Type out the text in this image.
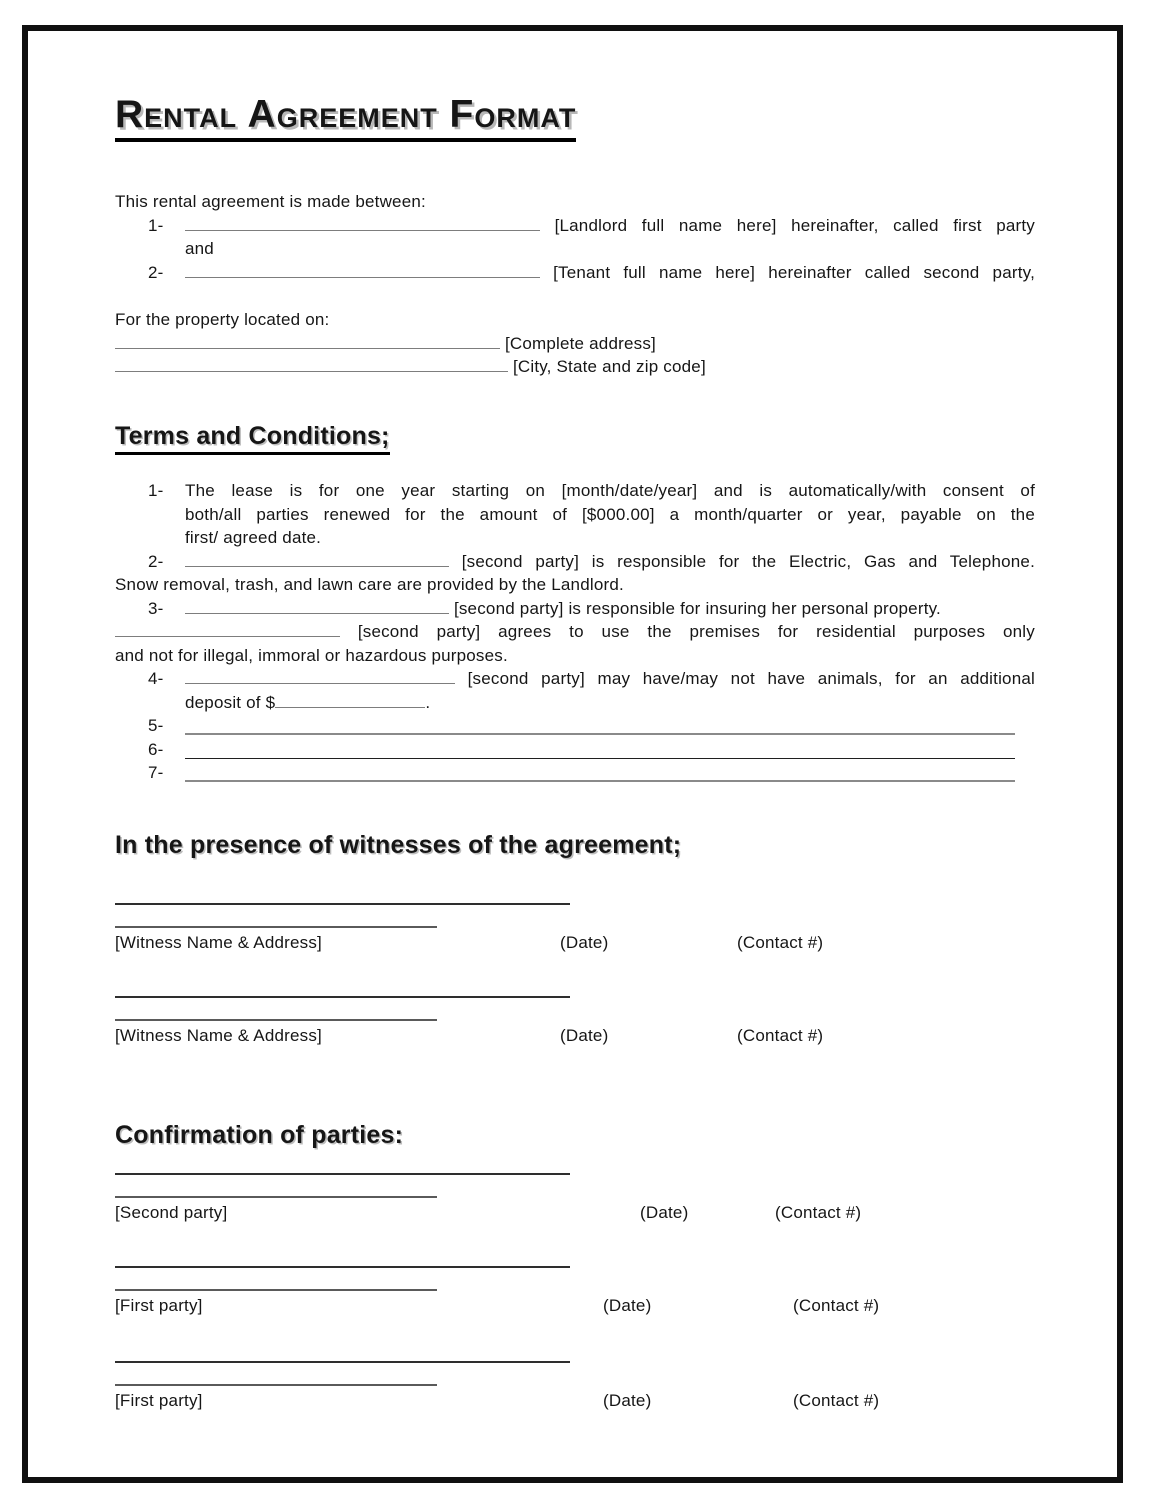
Rental Agreement Format
This rental agreement is made between:
1-	[Landlord full name here] hereinafter, called first party
and
2-	[Tenant full name here] hereinafter called second party,
For the property located on:
[Complete address]
[City, State and zip code]
Terms and Conditions;
1-	The lease is for one year starting on [month/date/year] and is automatically/with consent of
both/all parties renewed for the amount of [$000.00] a month/quarter or year, payable on the
first/ agreed date.
2-	[second party] is responsible for the Electric, Gas and Telephone.
Snow removal, trash, and lawn care are provided by the Landlord.
3-	[second party] is responsible for insuring her personal property.
[second party] agrees to use the premises for residential purposes only
and not for illegal, immoral or hazardous purposes.
4-	[second party] may have/may not have animals, for an additional
deposit of $	.
5-
6-
7-
In the presence of witnesses of the agreement;
[Witness Name & Address]	(Date)	(Contact #)
[Witness Name & Address]	(Date)	(Contact #)
Confirmation of parties:
[Second party]	(Date)	(Contact #)
[First party]	(Date)	(Contact #)
[First party]	(Date)	(Contact #)
